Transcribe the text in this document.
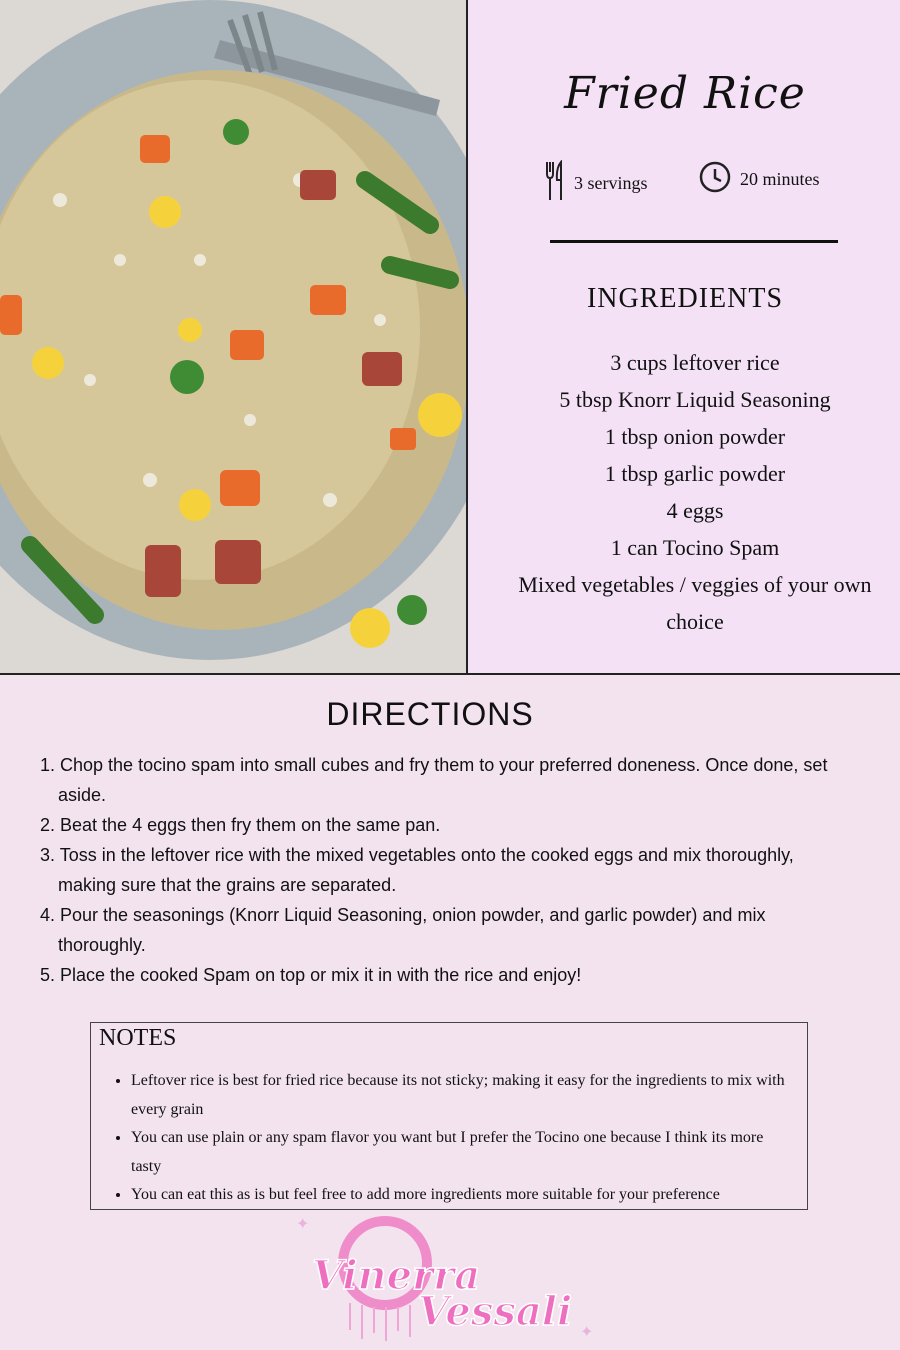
Fried Rice
3 servings	20 minutes
INGREDIENTS
3 cups leftover rice
5 tbsp Knorr Liquid Seasoning
1 tbsp onion powder
1 tbsp garlic powder
4 eggs
1 can Tocino Spam
Mixed vegetables / veggies of your own choice
DIRECTIONS
1. Chop the tocino spam into small cubes and fry them to your preferred doneness. Once done, set aside.
2. Beat the 4 eggs then fry them on the same pan.
3. Toss in the leftover rice with the mixed vegetables onto the cooked eggs and mix thoroughly, making sure that the grains are separated.
4. Pour the seasonings (Knorr Liquid Seasoning, onion powder, and garlic powder) and mix thoroughly.
5. Place the cooked Spam on top or mix it in with the rice and enjoy!
NOTES
• Leftover rice is best for fried rice because its not sticky; making it easy for the ingredients to mix with every grain
• You can use plain or any spam flavor you want but I prefer the Tocino one because I think its more tasty
• You can eat this as is but feel free to add more ingredients more suitable for your preference
✦
✦
Vinerra
Vessali
